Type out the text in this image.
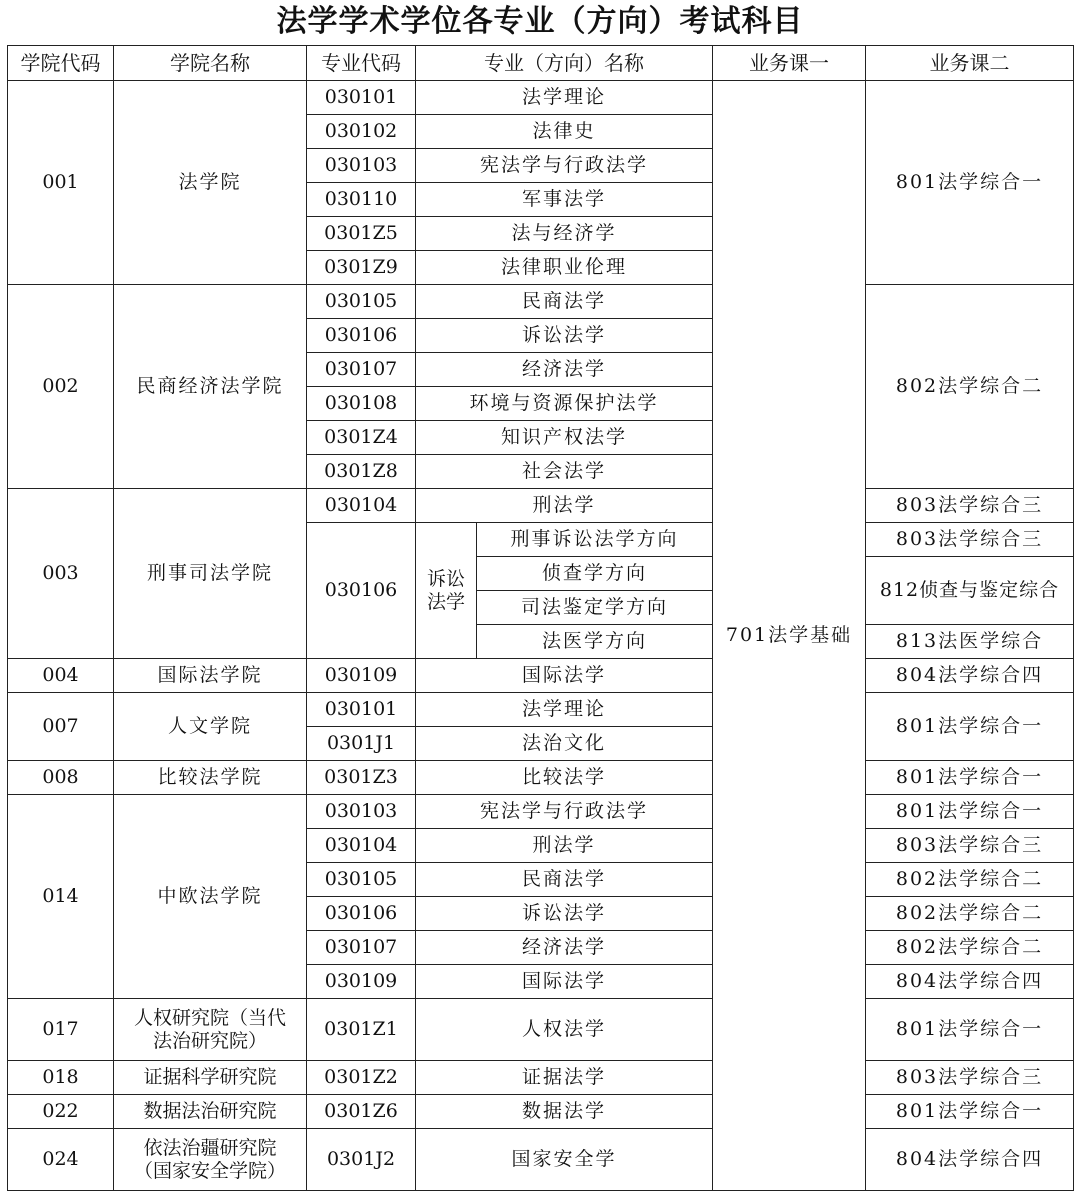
法学学术学位各专业（方向）考试科目
学院代码	学院名称	专业代码	专业（方向）名称		业务课一	业务课二
001	法学院	030101	法学理论		701法学基础	801法学综合一
		030102	法律史			
		030103	宪法学与行政法学			
		030110	军事法学			
		0301Z5	法与经济学			
		0301Z9	法律职业伦理			
002	民商经济法学院	030105	民商法学			802法学综合二
		030106	诉讼法学			
		030107	经济法学			
		030108	环境与资源保护法学			
		0301Z4	知识产权法学			
		0301Z8	社会法学			
003	刑事司法学院	030104	刑法学			803法学综合三
		030106	诉讼法学	刑事诉讼法学方向		803法学综合三
				侦查学方向		812侦查与鉴定综合
				司法鉴定学方向		
				法医学方向		813法医学综合
004	国际法学院	030109	国际法学			804法学综合四
007	人文学院	030101	法学理论			801法学综合一
		0301J1	法治文化			
008	比较法学院	0301Z3	比较法学			801法学综合一
014	中欧法学院	030103	宪法学与行政法学			801法学综合一
		030104	刑法学			803法学综合三
		030105	民商法学			802法学综合二
		030106	诉讼法学			802法学综合二
		030107	经济法学			802法学综合二
		030109	国际法学			804法学综合四
017	人权研究院（当代
法治研究院）	0301Z1	人权法学			801法学综合一
018	证据科学研究院	0301Z2	证据法学			803法学综合三
022	数据法治研究院	0301Z6	数据法学			801法学综合一
024	依法治疆研究院
（国家安全学院）	0301J2	国家安全学			804法学综合四
